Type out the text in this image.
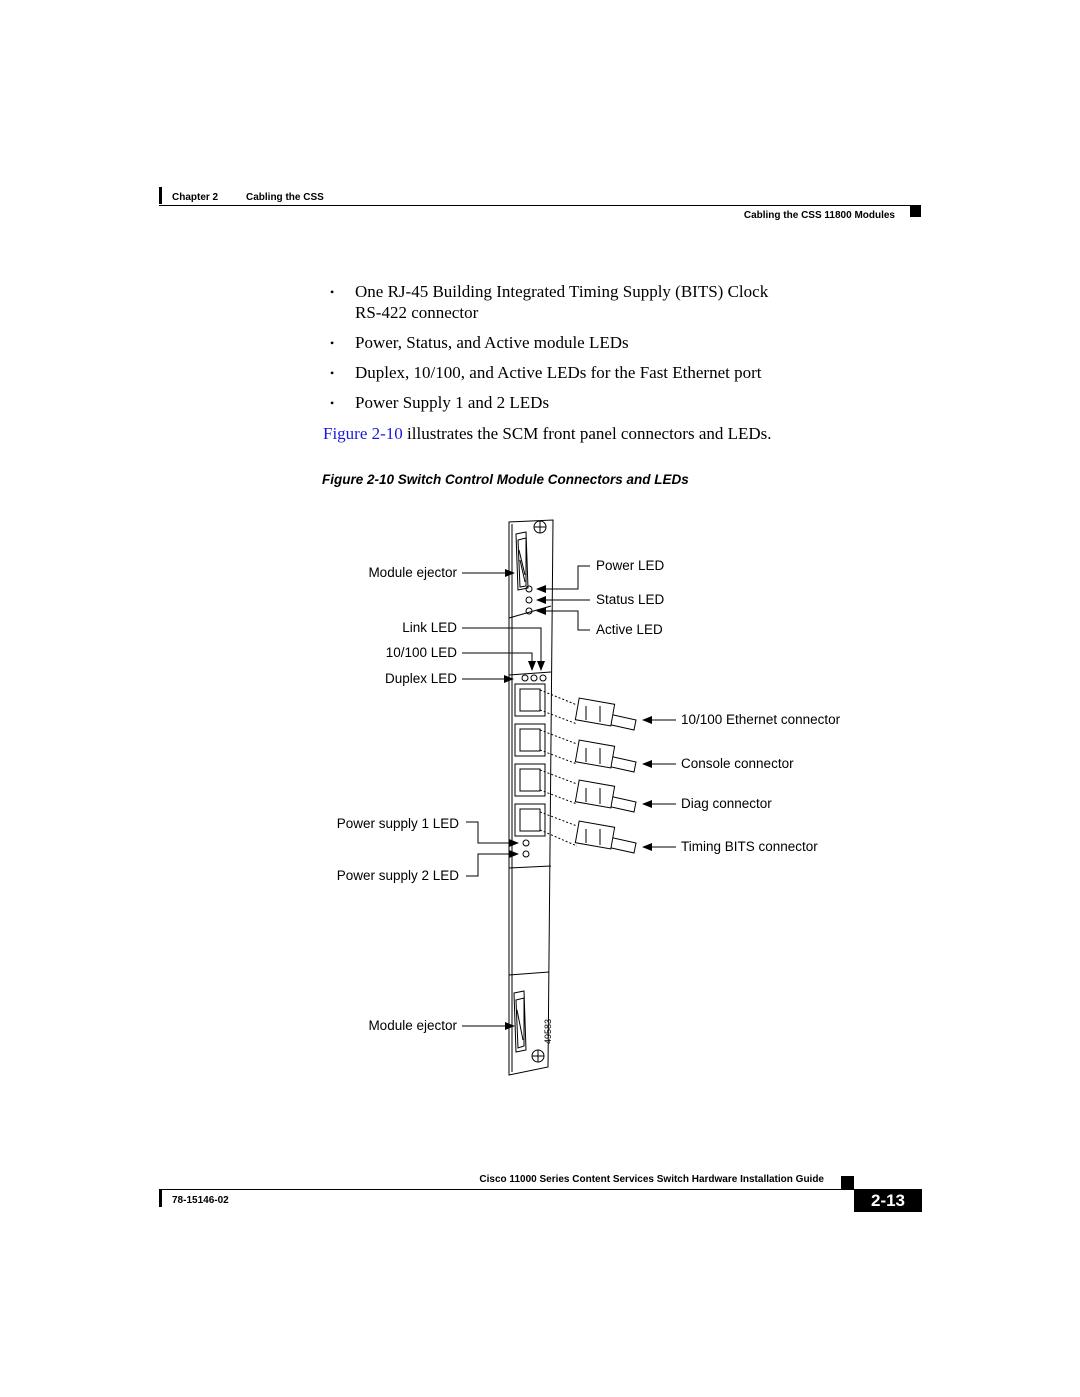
Chapter 2	Cabling the CSS
Cabling the CSS 11800 Modules
• One RJ-45 Building Integrated Timing Supply (BITS) Clock
RS-422 connector
• Power, Status, and Active module LEDs
• Duplex, 10/100, and Active LEDs for the Fast Ethernet port
• Power Supply 1 and 2 LEDs
Figure 2-10 illustrates the SCM front panel connectors and LEDs.
Figure 2-10 Switch Control Module Connectors and LEDs
Module ejector
Link LED
10/100 LED
Duplex LED
Power supply 1 LED
Power supply 2 LED
Module ejector
Power LED
Status LED
Active LED
10/100 Ethernet connector
Console connector
Diag connector
Timing BITS connector
49583
Cisco 11000 Series Content Services Switch Hardware Installation Guide
78-15146-02	2-13
